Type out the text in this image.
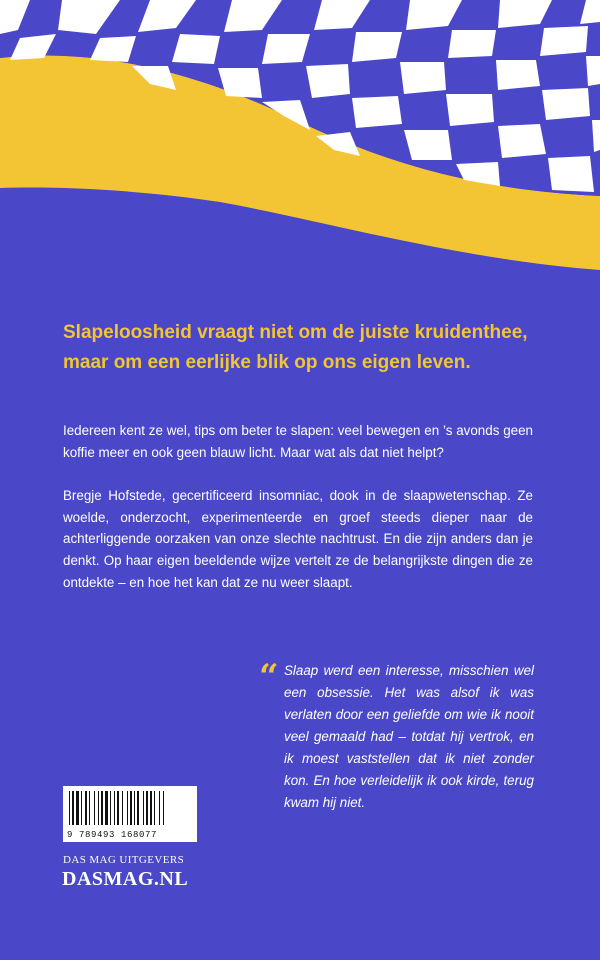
Slapeloosheid vraagt niet om de juiste kruidenthee,
maar om een eerlijke blik op ons eigen leven.

Iedereen kent ze wel, tips om beter te slapen: veel bewegen en ’s avonds geen koffie meer en ook geen blauw licht. Maar wat als dat niet helpt?

Bregje Hofstede, gecertificeerd insomniac, dook in de slaapwetenschap. Ze woelde, onderzocht, experimenteerde en groef steeds dieper naar de achterliggende oorzaken van onze slechte nachtrust. En die zijn anders dan je denkt. Op haar eigen beeldende wijze vertelt ze de belangrijkste dingen die ze ontdekte – en hoe het kan dat ze nu weer slaapt.

“ Slaap werd een interesse, misschien wel een obsessie. Het was alsof ik was verlaten door een geliefde om wie ik nooit veel gemaald had – totdat hij vertrok, en ik moest vaststellen dat ik niet zonder kon. En hoe verleidelijk ik ook kirde, terug kwam hij niet.
9 789493 168077
DAS MAG UITGEVERS
DASMAG.NL
